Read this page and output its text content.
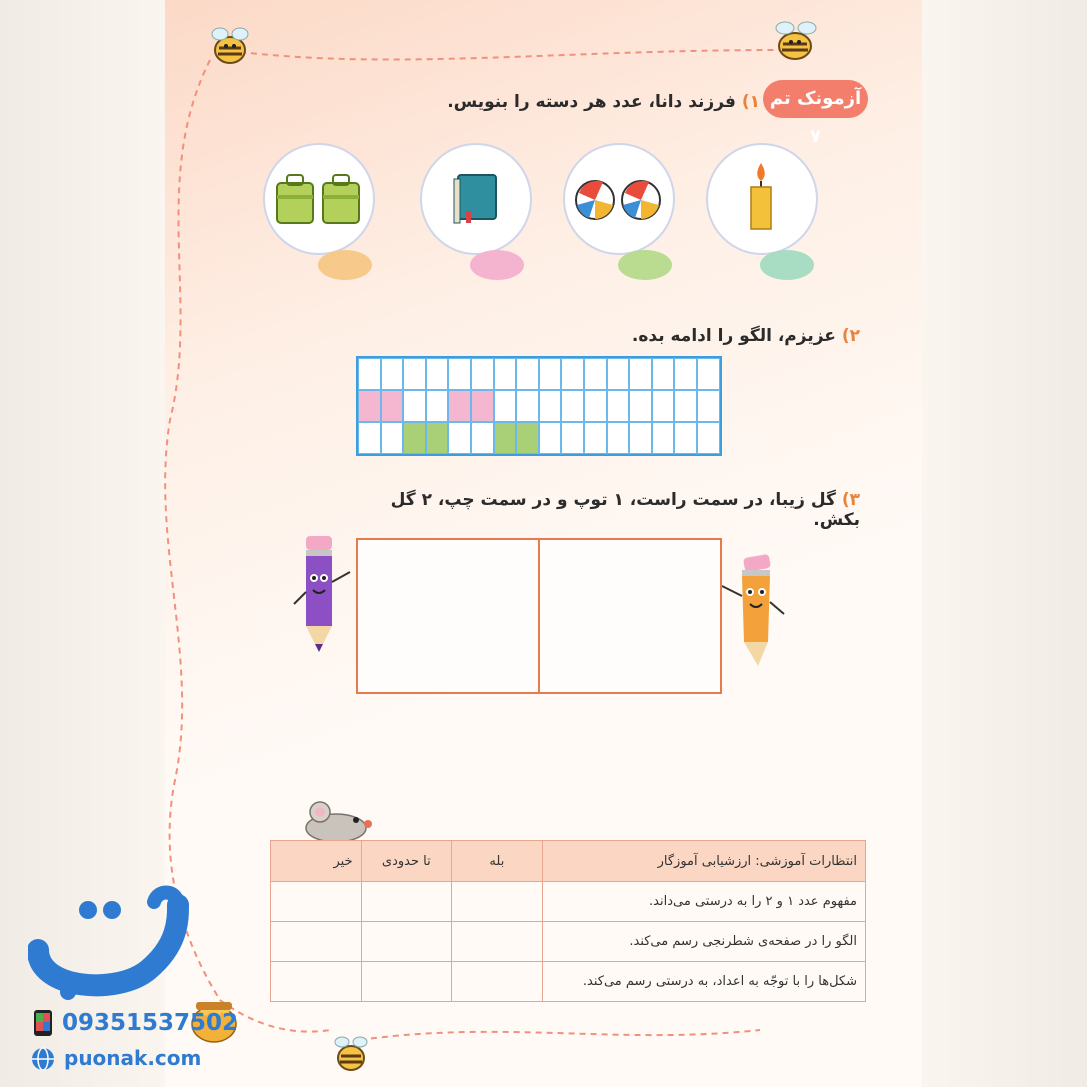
آزمونک تم ۷
۱) فرزند دانا، عدد هر دسته را بنویس.
۲) عزیزم، الگو را ادامه بده.
۳) گل زیبا، در سمت راست، ۱ توپ و در سمت چپ، ۲ گل بکش.
انتظارات آموزشی: ارزشیابی آموزگار	بله	تا حدودی	خیر
مفهوم عدد ۱ و ۲ را به درستی می‌داند.			
الگو را در صفحه‌ی شطرنجی رسم می‌کند.			
شکل‌ها را با توجّه به اعداد، به درستی رسم می‌کند.			
09351537502
puonak.com
